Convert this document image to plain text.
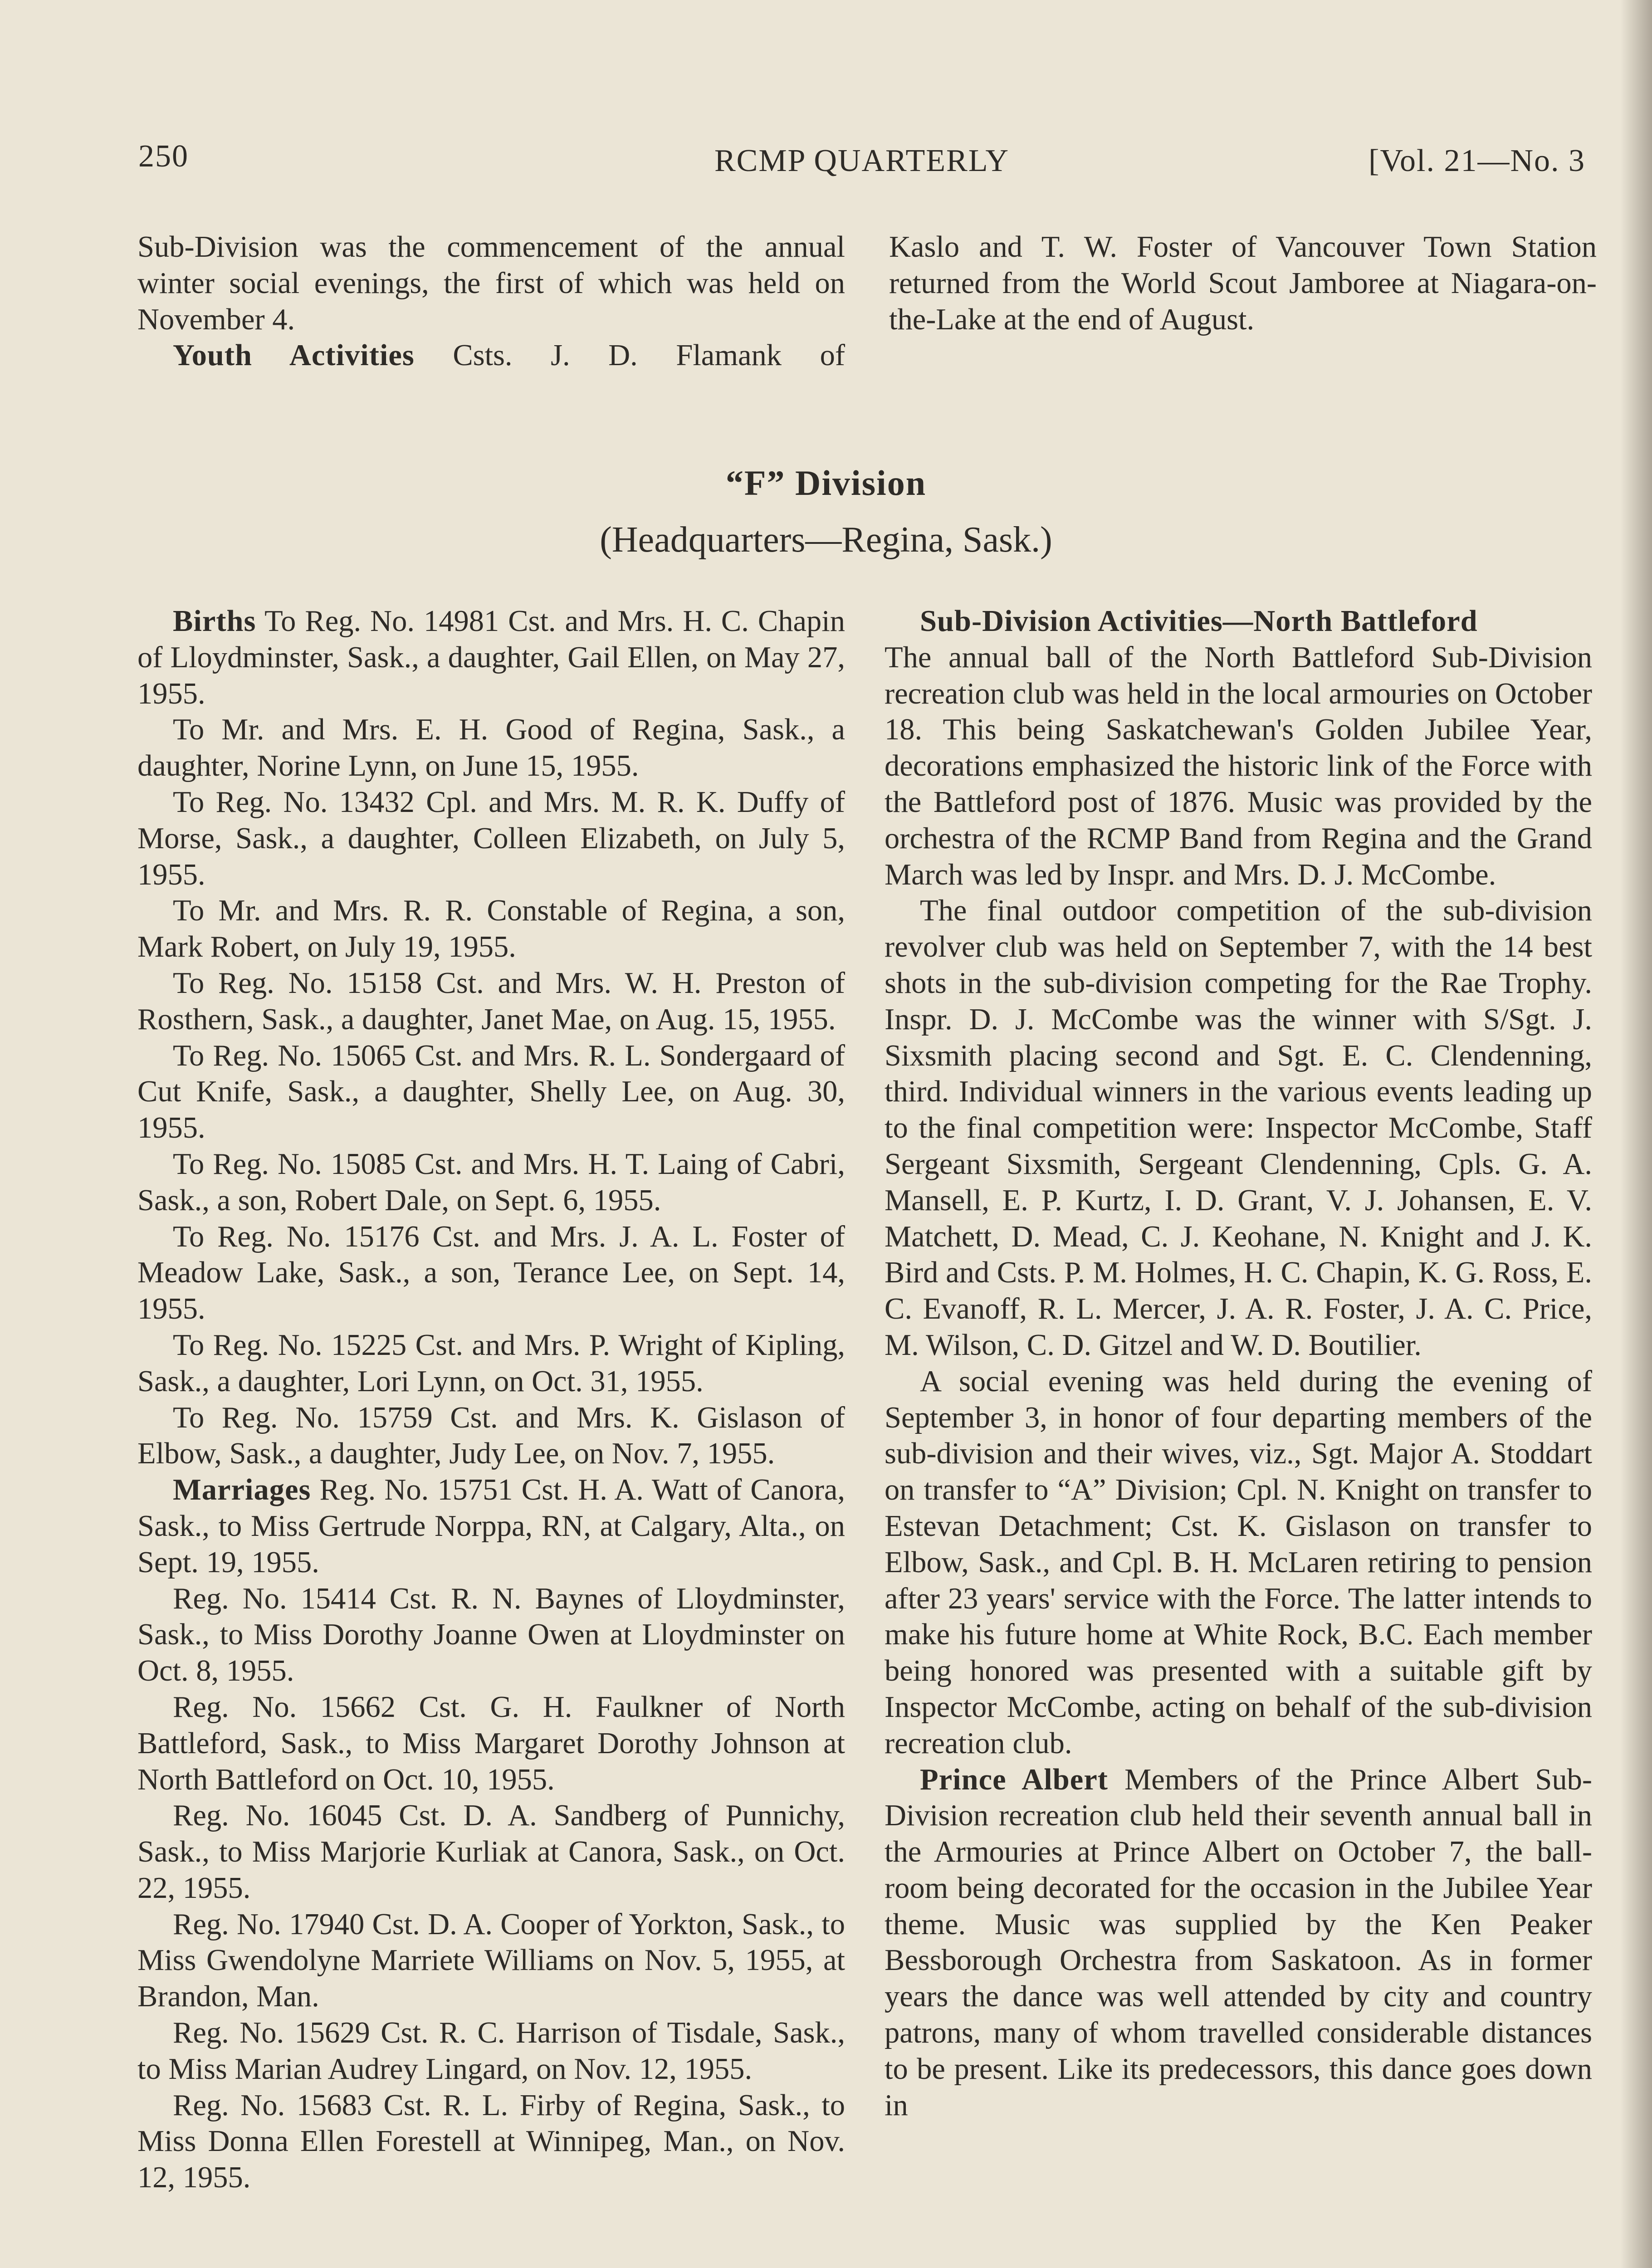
250	RCMP QUARTERLY	[Vol. 21—No. 3

Sub-Division was the commencement of the annual winter social evenings, the first of which was held on November 4.

Youth Activities Csts. J. D. Flamank of

Kaslo and T. W. Foster of Vancouver Town Station returned from the World Scout Jamboree at Niagara-on-the-Lake at the end of August.

“F” Division
(Headquarters—Regina, Sask.)

Births To Reg. No. 14981 Cst. and Mrs. H. C. Chapin of Lloydminster, Sask., a daughter, Gail Ellen, on May 27, 1955.

To Mr. and Mrs. E. H. Good of Regina, Sask., a daughter, Norine Lynn, on June 15, 1955.

To Reg. No. 13432 Cpl. and Mrs. M. R. K. Duffy of Morse, Sask., a daughter, Colleen Elizabeth, on July 5, 1955.

To Mr. and Mrs. R. R. Constable of Regina, a son, Mark Robert, on July 19, 1955.

To Reg. No. 15158 Cst. and Mrs. W. H. Preston of Rosthern, Sask., a daughter, Janet Mae, on Aug. 15, 1955.

To Reg. No. 15065 Cst. and Mrs. R. L. Sondergaard of Cut Knife, Sask., a daughter, Shelly Lee, on Aug. 30, 1955.

To Reg. No. 15085 Cst. and Mrs. H. T. Laing of Cabri, Sask., a son, Robert Dale, on Sept. 6, 1955.

To Reg. No. 15176 Cst. and Mrs. J. A. L. Foster of Meadow Lake, Sask., a son, Terance Lee, on Sept. 14, 1955.

To Reg. No. 15225 Cst. and Mrs. P. Wright of Kipling, Sask., a daughter, Lori Lynn, on Oct. 31, 1955.

To Reg. No. 15759 Cst. and Mrs. K. Gislason of Elbow, Sask., a daughter, Judy Lee, on Nov. 7, 1955.

Marriages Reg. No. 15751 Cst. H. A. Watt of Canora, Sask., to Miss Gertrude Norppa, RN, at Calgary, Alta., on Sept. 19, 1955.

Reg. No. 15414 Cst. R. N. Baynes of Lloydminster, Sask., to Miss Dorothy Joanne Owen at Lloydminster on Oct. 8, 1955.

Reg. No. 15662 Cst. G. H. Faulkner of North Battleford, Sask., to Miss Margaret Dorothy Johnson at North Battleford on Oct. 10, 1955.

Reg. No. 16045 Cst. D. A. Sandberg of Punnichy, Sask., to Miss Marjorie Kurliak at Canora, Sask., on Oct. 22, 1955.

Reg. No. 17940 Cst. D. A. Cooper of Yorkton, Sask., to Miss Gwendolyne Marriete Williams on Nov. 5, 1955, at Brandon, Man.

Reg. No. 15629 Cst. R. C. Harrison of Tisdale, Sask., to Miss Marian Audrey Lingard, on Nov. 12, 1955.

Reg. No. 15683 Cst. R. L. Firby of Regina, Sask., to Miss Donna Ellen Forestell at Winnipeg, Man., on Nov. 12, 1955.

Sub-Division Activities—North Battleford

The annual ball of the North Battleford Sub-Division recreation club was held in the local armouries on October 18. This being Saskatchewan's Golden Jubilee Year, decorations emphasized the historic link of the Force with the Battleford post of 1876. Music was provided by the orchestra of the RCMP Band from Regina and the Grand March was led by Inspr. and Mrs. D. J. McCombe.

The final outdoor competition of the sub-division revolver club was held on September 7, with the 14 best shots in the sub-division competing for the Rae Trophy. Inspr. D. J. McCombe was the winner with S/Sgt. J. Sixsmith placing second and Sgt. E. C. Clendenning, third. Individual winners in the various events leading up to the final competition were: Inspector McCombe, Staff Sergeant Sixsmith, Sergeant Clendenning, Cpls. G. A. Mansell, E. P. Kurtz, I. D. Grant, V. J. Johansen, E. V. Matchett, D. Mead, C. J. Keohane, N. Knight and J. K. Bird and Csts. P. M. Holmes, H. C. Chapin, K. G. Ross, E. C. Evanoff, R. L. Mercer, J. A. R. Foster, J. A. C. Price, M. Wilson, C. D. Gitzel and W. D. Boutilier.

A social evening was held during the evening of September 3, in honor of four departing members of the sub-division and their wives, viz., Sgt. Major A. Stoddart on transfer to “A” Division; Cpl. N. Knight on transfer to Estevan Detachment; Cst. K. Gislason on transfer to Elbow, Sask., and Cpl. B. H. McLaren retiring to pension after 23 years' service with the Force. The latter intends to make his future home at White Rock, B.C. Each member being honored was presented with a suitable gift by Inspector McCombe, acting on behalf of the sub-division recreation club.

Prince Albert Members of the Prince Albert Sub-Division recreation club held their seventh annual ball in the Armouries at Prince Albert on October 7, the ball-room being decorated for the occasion in the Jubilee Year theme. Music was supplied by the Ken Peaker Bessborough Orchestra from Saskatoon. As in former years the dance was well attended by city and country patrons, many of whom travelled considerable distances to be present. Like its predecessors, this dance goes down in
